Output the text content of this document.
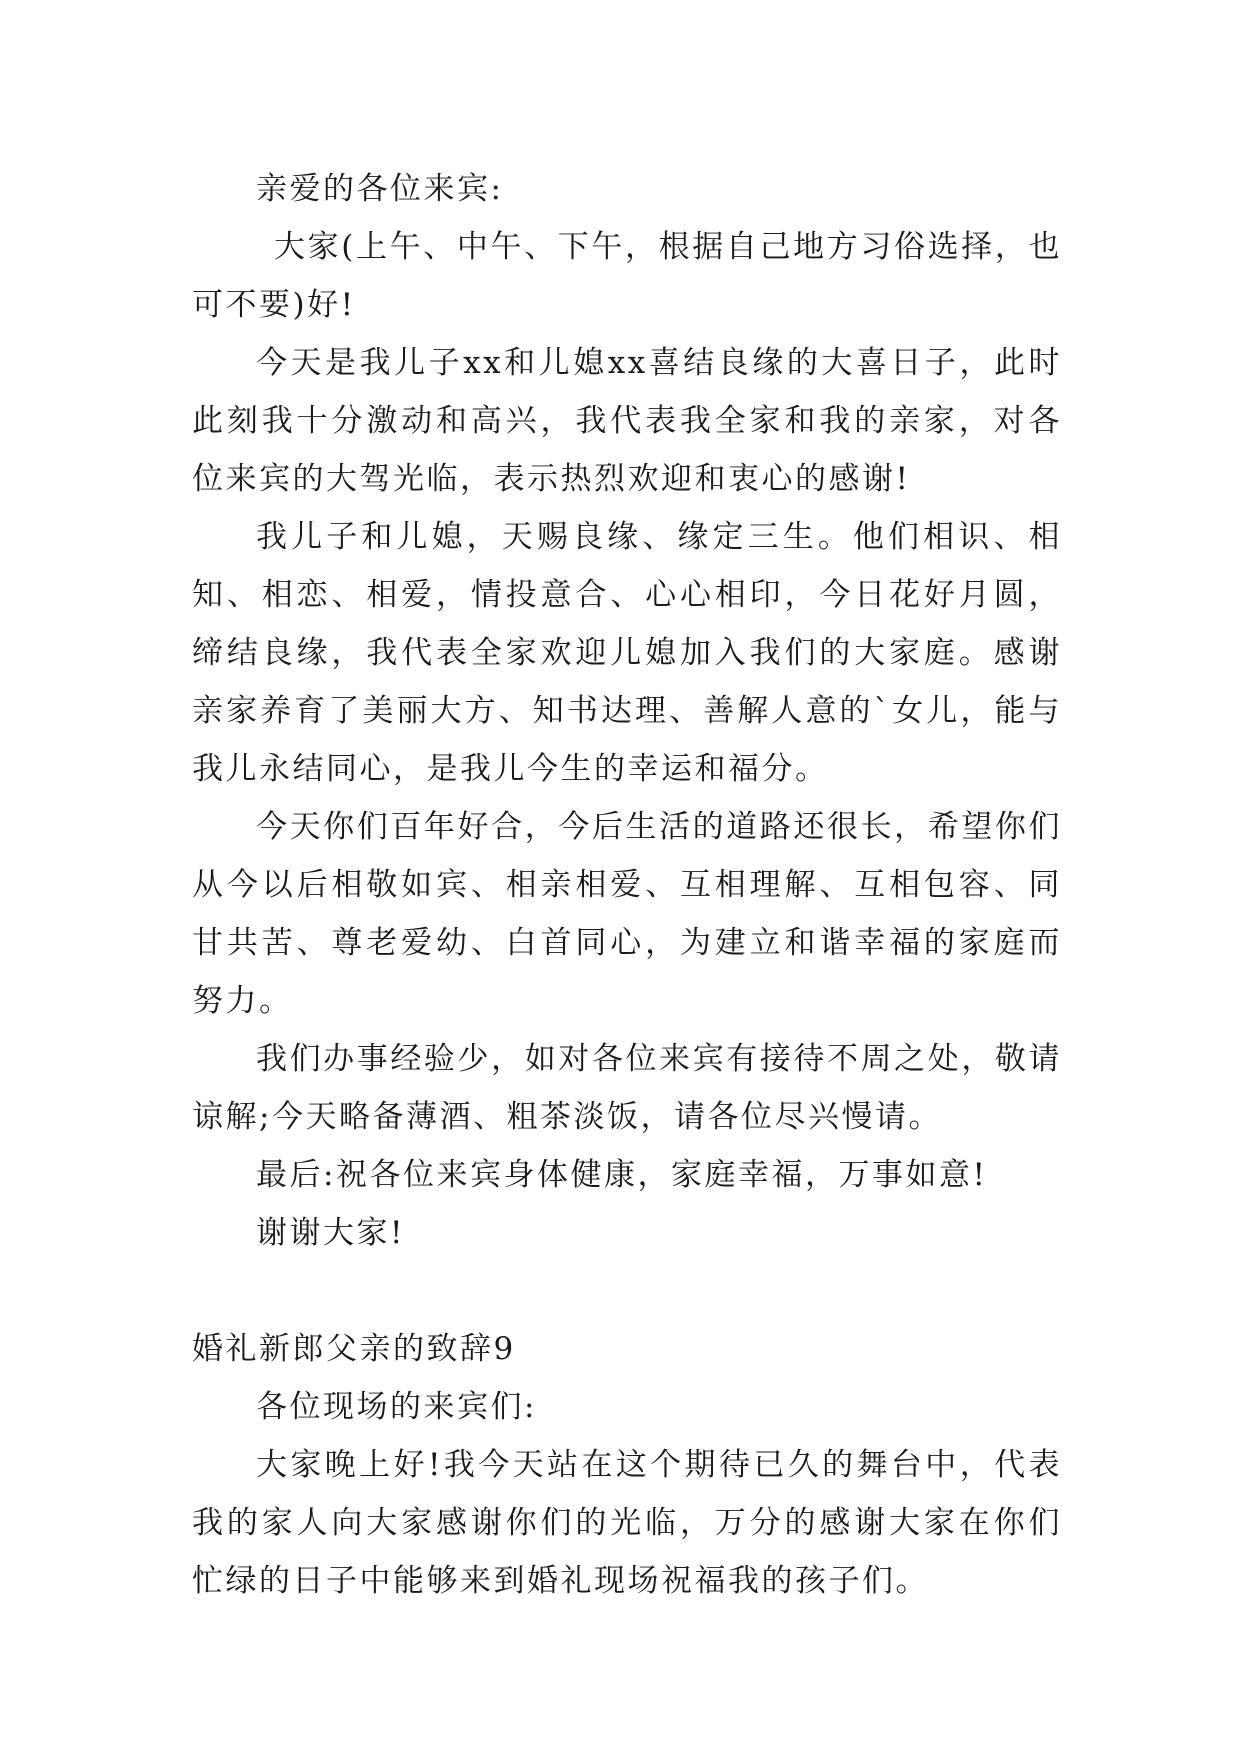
亲爱的各位来宾:

大家(上午、中午、下午，根据自己地方习俗选择，也可不要)好!

今天是我儿子xx和儿媳xx喜结良缘的大喜日子，此时此刻我十分激动和高兴，我代表我全家和我的亲家，对各位来宾的大驾光临，表示热烈欢迎和衷心的感谢!

我儿子和儿媳，天赐良缘、缘定三生。他们相识、相知、相恋、相爱，情投意合、心心相印，今日花好月圆，缔结良缘，我代表全家欢迎儿媳加入我们的大家庭。感谢亲家养育了美丽大方、知书达理、善解人意的`女儿，能与我儿永结同心，是我儿今生的幸运和福分。

今天你们百年好合，今后生活的道路还很长，希望你们从今以后相敬如宾、相亲相爱、互相理解、互相包容、同甘共苦、尊老爱幼、白首同心，为建立和谐幸福的家庭而努力。

我们办事经验少，如对各位来宾有接待不周之处，敬请谅解;今天略备薄酒、粗茶淡饭，请各位尽兴慢请。

最后:祝各位来宾身体健康，家庭幸福，万事如意!

谢谢大家!

婚礼新郎父亲的致辞9

各位现场的来宾们:

大家晚上好!我今天站在这个期待已久的舞台中，代表我的家人向大家感谢你们的光临，万分的感谢大家在你们忙绿的日子中能够来到婚礼现场祝福我的孩子们。
